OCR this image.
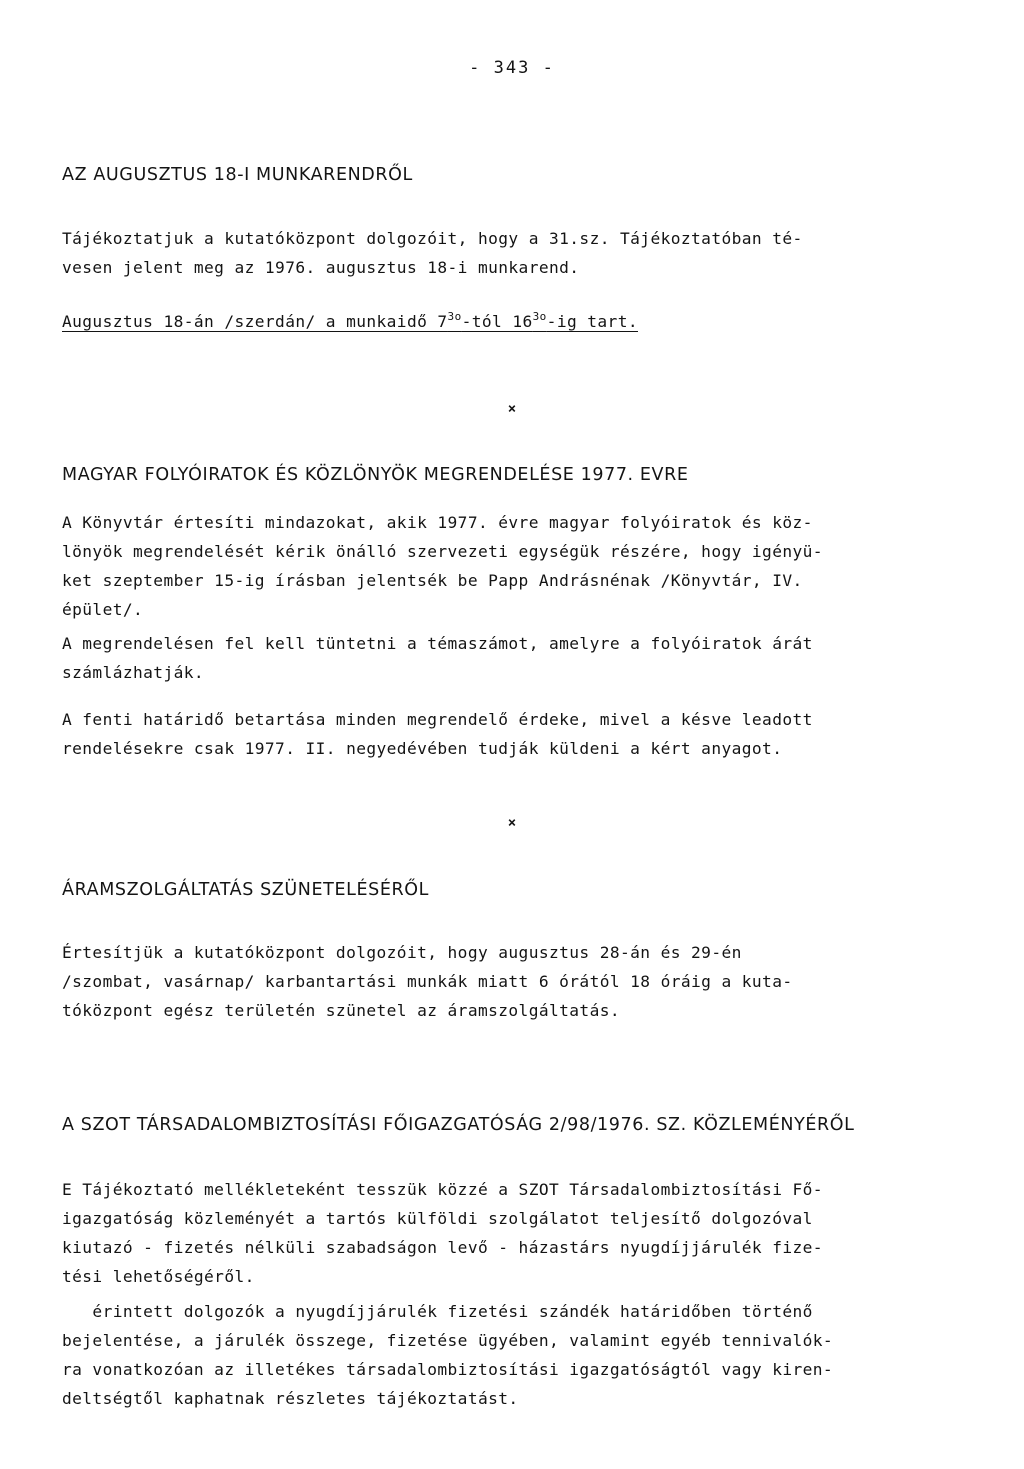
- 343 -
AZ AUGUSZTUS 18-I MUNKARENDRŐL
Tájékoztatjuk a kutatóközpont dolgozóit, hogy a 31.sz. Tájékoztatóban té-
vesen jelent meg az 1976. augusztus 18-i munkarend.
Augusztus 18-án /szerdán/ a munkaidő $7^{3o}$-tól $16^{3o}-ig$ tart.
×
MAGYAR FOLYÓIRATOK ÉS KÖZLÖNYÖK MEGRENDELÉSE 1977. EVRE
A Könyvtár értesíti mindazokat, akik 1977. évre magyar folyóiratok és köz-
lönyök megrendelését kérik önálló szervezeti egységük részére, hogy igényü-
ket szeptember 15-ig írásban jelentsék be Papp Andrásnénak /Könyvtár, IV.
épület/.
A megrendelésen fel kell tüntetni a témaszámot, amelyre a folyóiratok árát
számlázhatják.
A fenti határidő betartása minden megrendelő érdeke, mivel a késve leadott
rendelésekre csak 1977. II. negyedévében tudják küldeni a kért anyagot.
×
ÁRAMSZOLGÁLTATÁS SZÜNETELÉSÉRŐL
Értesítjük a kutatóközpont dolgozóit, hogy augusztus 28-án és 29-én
/szombat, vasárnap/ karbantartási munkák miatt 6 órától 18 óráig a kuta-
tóközpont egész területén szünetel az áramszolgáltatás.
A SZOT TÁRSADALOMBIZTOSÍTÁSI FŐIGAZGATÓSÁG 2/98/1976. SZ. KÖZLEMÉNYÉRŐL
E Tájékoztató mellékleteként tesszük közzé a SZOT Társadalombiztosítási Fő-
igazgatóság közleményét a tartós külföldi szolgálatot teljesítő dolgozóval
kiutazó - fizetés nélküli szabadságon levő - házastárs nyugdíjjárulék fize-
tési lehetőségéről.
érintett dolgozók a nyugdíjjárulék fizetési szándék határidőben történő
bejelentése, a járulék összege, fizetése ügyében, valamint egyéb tennivalók-
ra vonatkozóan az illetékes társadalombiztosítási igazgatóságtól vagy kiren-
deltségtől kaphatnak részletes tájékoztatást.
